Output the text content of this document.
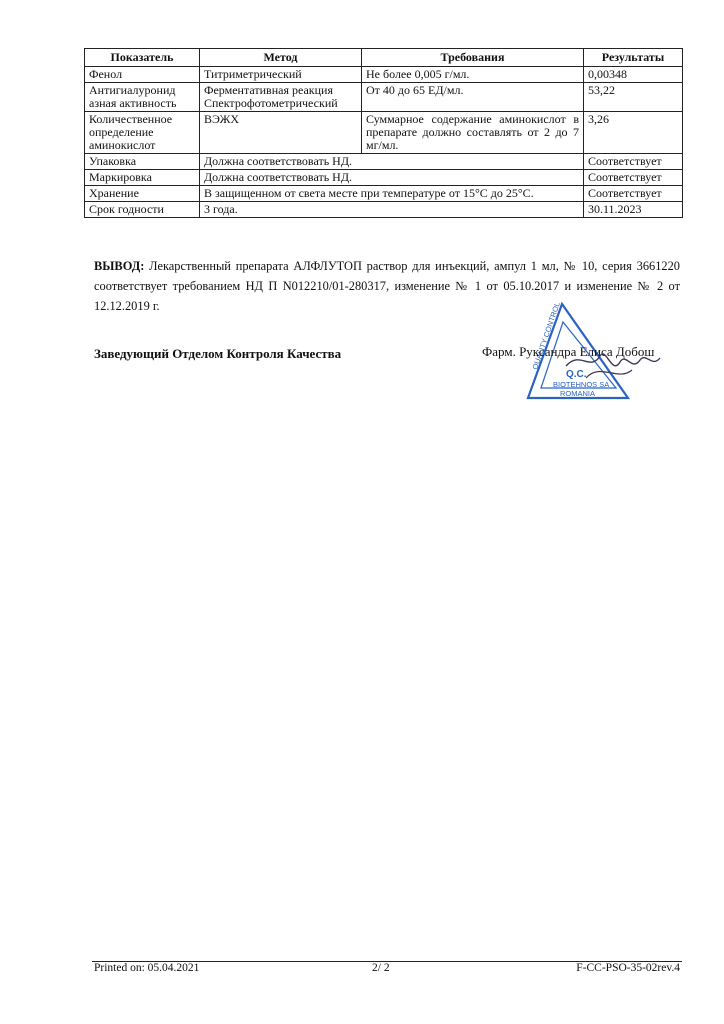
Показатель	Метод	Требования	Результаты
Фенол	Титриметрический	Не более 0,005 г/мл.	0,00348
Антигиалуронид азная активность	Ферментативная реакция Спектрофотометрический	От 40 до 65 ЕД/мл.	53,22
Количественное определение аминокислот	ВЭЖХ	Суммарное содержание аминокислот в препарате должно составлять от 2 до 7 мг/мл.	3,26
Упаковка	Должна соответствовать НД.		Соответствует
Маркировка	Должна соответствовать НД.		Соответствует
Хранение	В защищенном от света месте при температуре от 15°С до 25°С.		Соответствует
Срок годности	3 года.		30.11.2023
ВЫВОД: Лекарственный препарата АЛФЛУТОП раствор для инъекций, ампул 1 мл, № 10, серия 3661220 соответствует требованием НД П N012210/01-280317, изменение № 1 от 05.10.2017 и изменение № 2 от 12.12.2019 г.
Заведующий Отделом Контроля Качества	QUALITY CONTROL
Q.C.
BIOTEHNOS SA
ROMANIA
Фарм. Руксандра Елиса Добош
Printed on: 05.04.2021	2/ 2	F-CC-PSO-35-02rev.4
